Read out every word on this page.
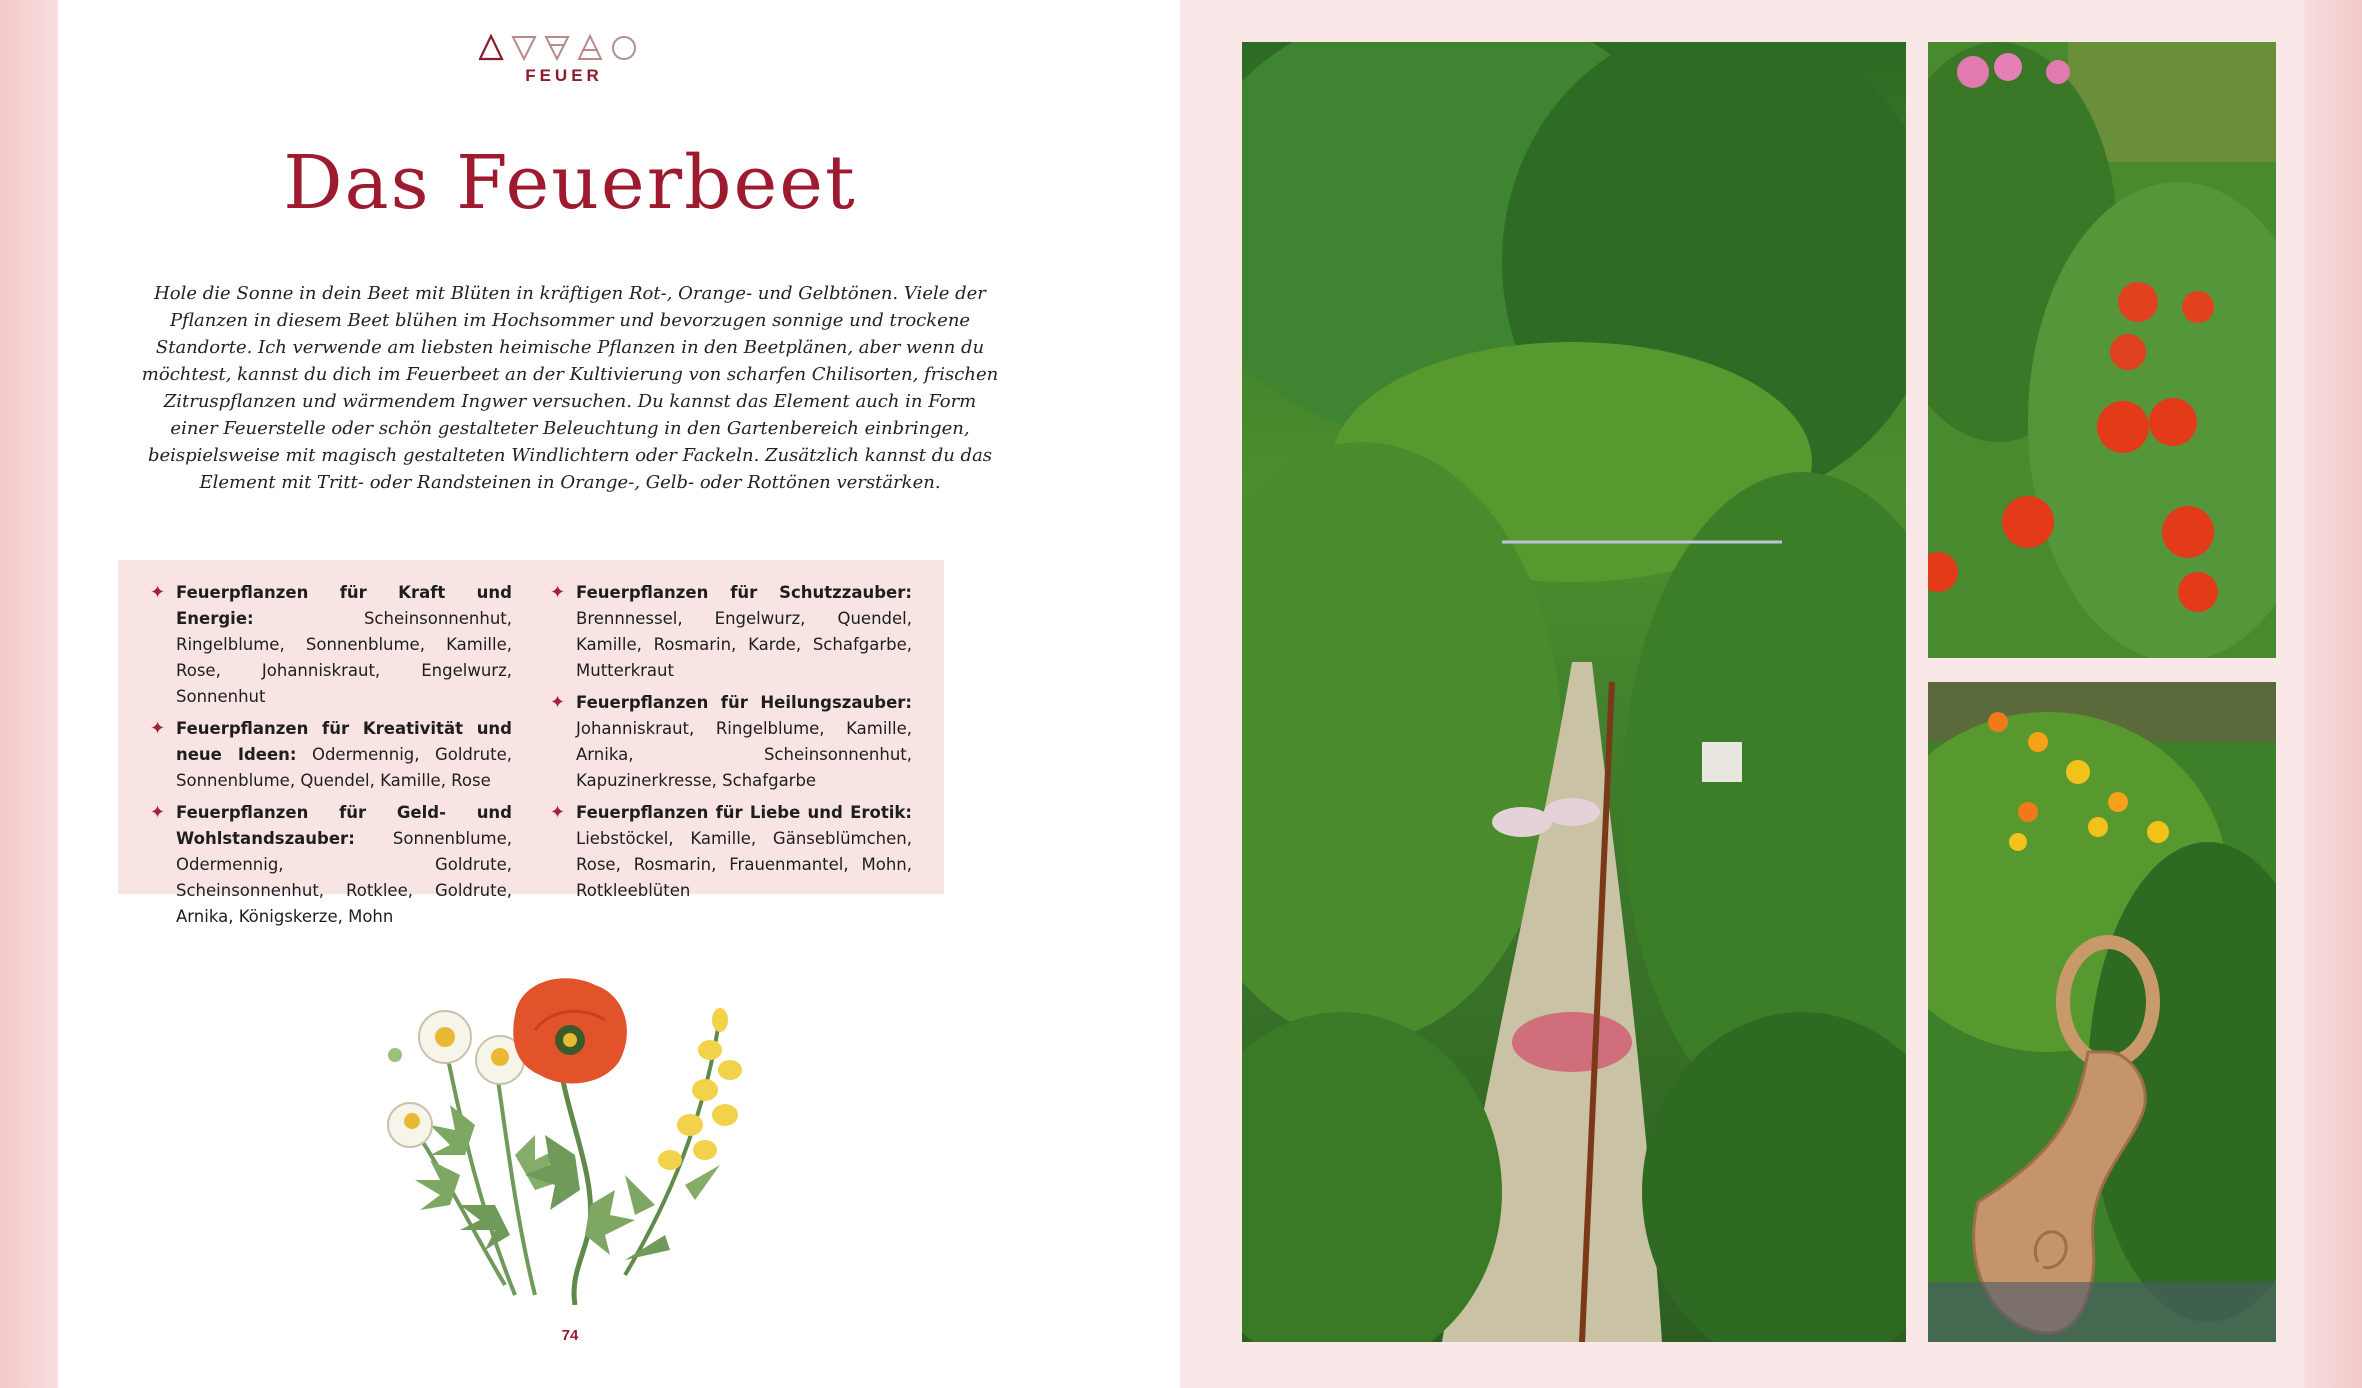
FEUER
Das Feuerbeet
Hole die Sonne in dein Beet mit Blüten in kräftigen Rot-, Orange- und Gelbtönen. Viele der Pflanzen in diesem Beet blühen im Hochsommer und bevorzugen sonnige und trockene Standorte. Ich verwende am liebsten heimische Pflanzen in den Beetplänen, aber wenn du möchtest, kannst du dich im Feuerbeet an der Kultivierung von scharfen Chilisorten, frischen Zitruspflanzen und wärmendem Ingwer versuchen. Du kannst das Element auch in Form einer Feuerstelle oder schön gestalteter Beleuchtung in den Gartenbereich einbringen, beispielsweise mit magisch gestalteten Windlichtern oder Fackeln. Zusätzlich kannst du das Element mit Tritt- oder Randsteinen in Orange-, Gelb- oder Rottönen verstärken.
✦ Feuerpflanzen für Kraft und Energie:	Scheinsonnenhut, Ringelblume, Sonnenblume, Kamille, Rose, Johanniskraut, Engelwurz, Sonnenhut
✦ Feuerpflanzen für Kreativität und neue Ideen: Odermennig, Goldrute, Sonnenblume, Quendel, Kamille, Rose
✦ Feuerpflanzen für Geld- und Wohlstandszauber: Sonnenblume, Odermennig, Goldrute, Scheinsonnenhut, Rotklee, Goldrute, Arnika, Königskerze, Mohn
✦ Feuerpflanzen für Schutzzauber: Brennnessel, Engelwurz, Quendel, Kamille, Rosmarin, Karde, Schafgarbe, Mutterkraut
✦ Feuerpflanzen für Heilungszauber: Johanniskraut, Ringelblume, Kamille, Arnika, Scheinsonnenhut, Kapuzinerkresse, Schafgarbe
✦ Feuerpflanzen für Liebe und Erotik: Liebstöckel, Kamille, Gänseblümchen, Rose, Rosmarin, Frauenmantel, Mohn, Rotkleeblüten
74
